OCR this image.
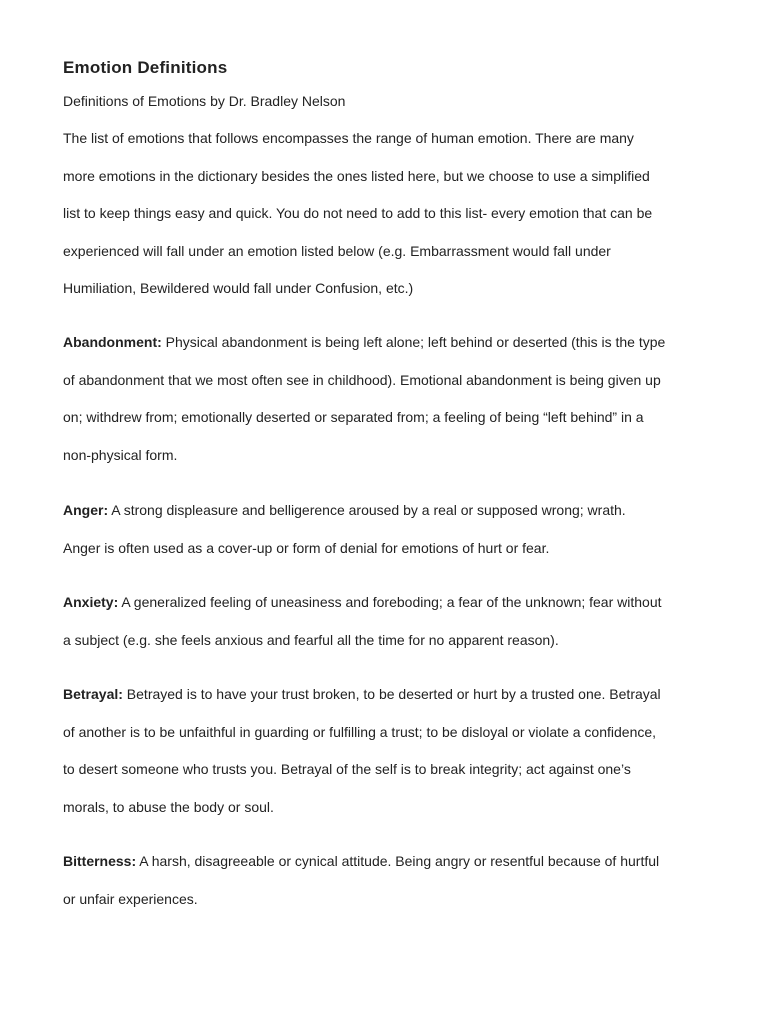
Emotion Definitions
Definitions of Emotions by Dr. Bradley Nelson
The list of emotions that follows encompasses the range of human emotion. There are many
more emotions in the dictionary besides the ones listed here, but we choose to use a simplified
list to keep things easy and quick. You do not need to add to this list- every emotion that can be
experienced will fall under an emotion listed below (e.g. Embarrassment would fall under
Humiliation, Bewildered would fall under Confusion, etc.)
Abandonment: Physical abandonment is being left alone; left behind or deserted (this is the type
of abandonment that we most often see in childhood). Emotional abandonment is being given up
on; withdrew from; emotionally deserted or separated from; a feeling of being “left behind” in a
non-physical form.
Anger: A strong displeasure and belligerence aroused by a real or supposed wrong; wrath.
Anger is often used as a cover-up or form of denial for emotions of hurt or fear.
Anxiety: A generalized feeling of uneasiness and foreboding; a fear of the unknown; fear without
a subject (e.g. she feels anxious and fearful all the time for no apparent reason).
Betrayal: Betrayed is to have your trust broken, to be deserted or hurt by a trusted one. Betrayal
of another is to be unfaithful in guarding or fulfilling a trust; to be disloyal or violate a confidence,
to desert someone who trusts you. Betrayal of the self is to break integrity; act against one’s
morals, to abuse the body or soul.
Bitterness: A harsh, disagreeable or cynical attitude. Being angry or resentful because of hurtful
or unfair experiences.
